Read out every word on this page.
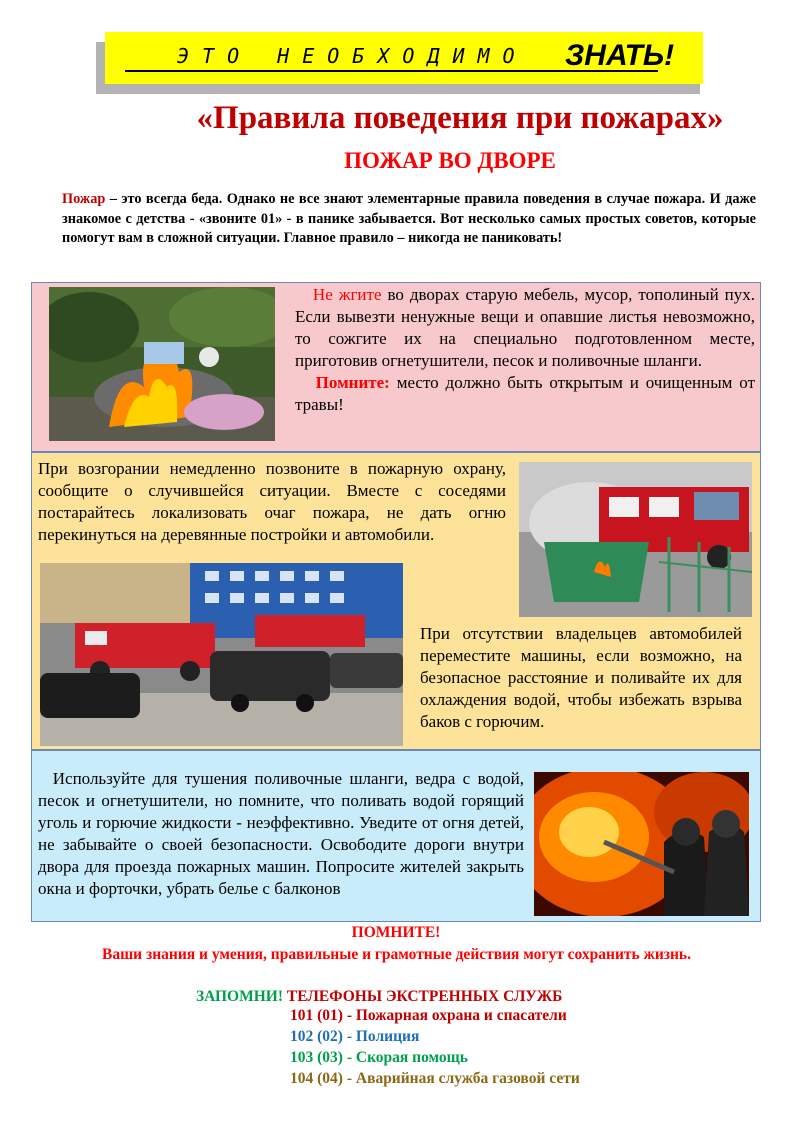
ЭТО НЕОБХОДИМО ЗНАТЬ!
«Правила поведения при пожарах»
ПОЖАР ВО ДВОРЕ
Пожар – это всегда беда. Однако не все знают элементарные правила поведения в случае пожара. И даже знакомое с детства - «звоните 01» - в панике забывается. Вот несколько самых простых советов, которые помогут вам в сложной ситуации. Главное правило – никогда не паниковать!
Не жгите во дворах старую мебель, мусор, тополиный пух. Если вывезти ненужные вещи и опавшие листья невозможно, то сожгите их на специально подготовленном месте, приготовив огнетушители, песок и поливочные шланги.
Помните: место должно быть открытым и очищенным от травы!
При возгорании немедленно позвоните в пожарную охрану, сообщите о случившейся ситуации. Вместе с соседями постарайтесь локализовать очаг пожара, не дать огню перекинуться на деревянные постройки и автомобили.
При отсутствии владельцев автомобилей переместите машины, если возможно, на безопасное расстояние и поливайте их для охлаждения водой, чтобы избежать взрыва баков с горючим.
Используйте для тушения поливочные шланги, ведра с водой, песок и огнетушители, но помните, что поливать водой горящий уголь и горючие жидкости - неэффективно. Уведите от огня детей, не забывайте о своей безопасности. Освободите дороги внутри двора для проезда пожарных машин. Попросите жителей закрыть окна и форточки, убрать белье с балконов
ПОМНИТЕ!
Ваши знания и умения, правильные и грамотные действия могут сохранить жизнь.
ЗАПОМНИ! ТЕЛЕФОНЫ ЭКСТРЕННЫХ СЛУЖБ
101 (01) - Пожарная охрана и спасатели
102 (02) - Полиция
103 (03) - Скорая помощь
104 (04) - Аварийная служба газовой сети
